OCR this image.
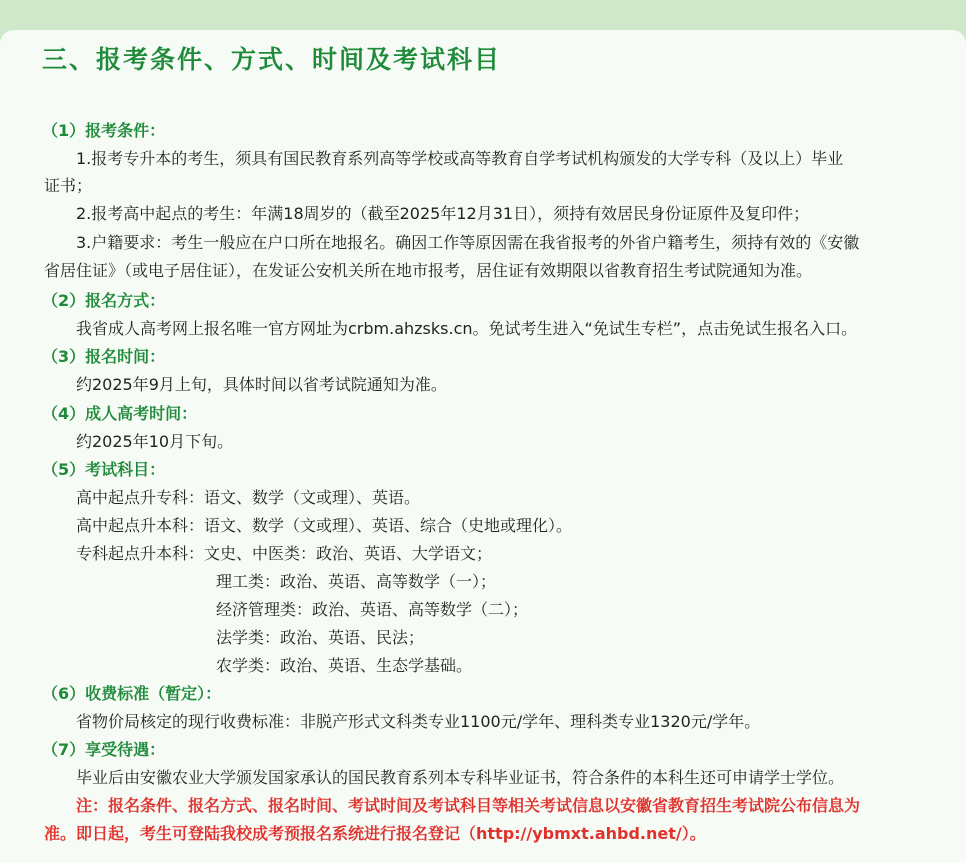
三、报考条件、方式、时间及考试科目
（1）报考条件：
1.报考专升本的考生，须具有国民教育系列高等学校或高等教育自学考试机构颁发的大学专科（及以上）毕业
证书；
2.报考高中起点的考生：年满18周岁的（截至2025年12月31日），须持有效居民身份证原件及复印件；
3.户籍要求：考生一般应在户口所在地报名。确因工作等原因需在我省报考的外省户籍考生，须持有效的《安徽
省居住证》（或电子居住证），在发证公安机关所在地市报考，居住证有效期限以省教育招生考试院通知为准。
（2）报名方式：
我省成人高考网上报名唯一官方网址为crbm.ahzsks.cn。免试考生进入“免试生专栏”，点击免试生报名入口。
（3）报名时间：
约2025年9月上旬，具体时间以省考试院通知为准。
（4）成人高考时间：
约2025年10月下旬。
（5）考试科目：
高中起点升专科：语文、数学（文或理）、英语。
高中起点升本科：语文、数学（文或理）、英语、综合（史地或理化）。
专科起点升本科：文史、中医类：政治、英语、大学语文；
理工类：政治、英语、高等数学（一）；
经济管理类：政治、英语、高等数学（二）；
法学类：政治、英语、民法；
农学类：政治、英语、生态学基础。
（6）收费标准（暂定）：
省物价局核定的现行收费标准：非脱产形式文科类专业1100元/学年、理科类专业1320元/学年。
（7）享受待遇：
毕业后由安徽农业大学颁发国家承认的国民教育系列本专科毕业证书，符合条件的本科生还可申请学士学位。
注：报名条件、报名方式、报名时间、考试时间及考试科目等相关考试信息以安徽省教育招生考试院公布信息为
准。即日起，考生可登陆我校成考预报名系统进行报名登记（http://ybmxt.ahbd.net/）。
